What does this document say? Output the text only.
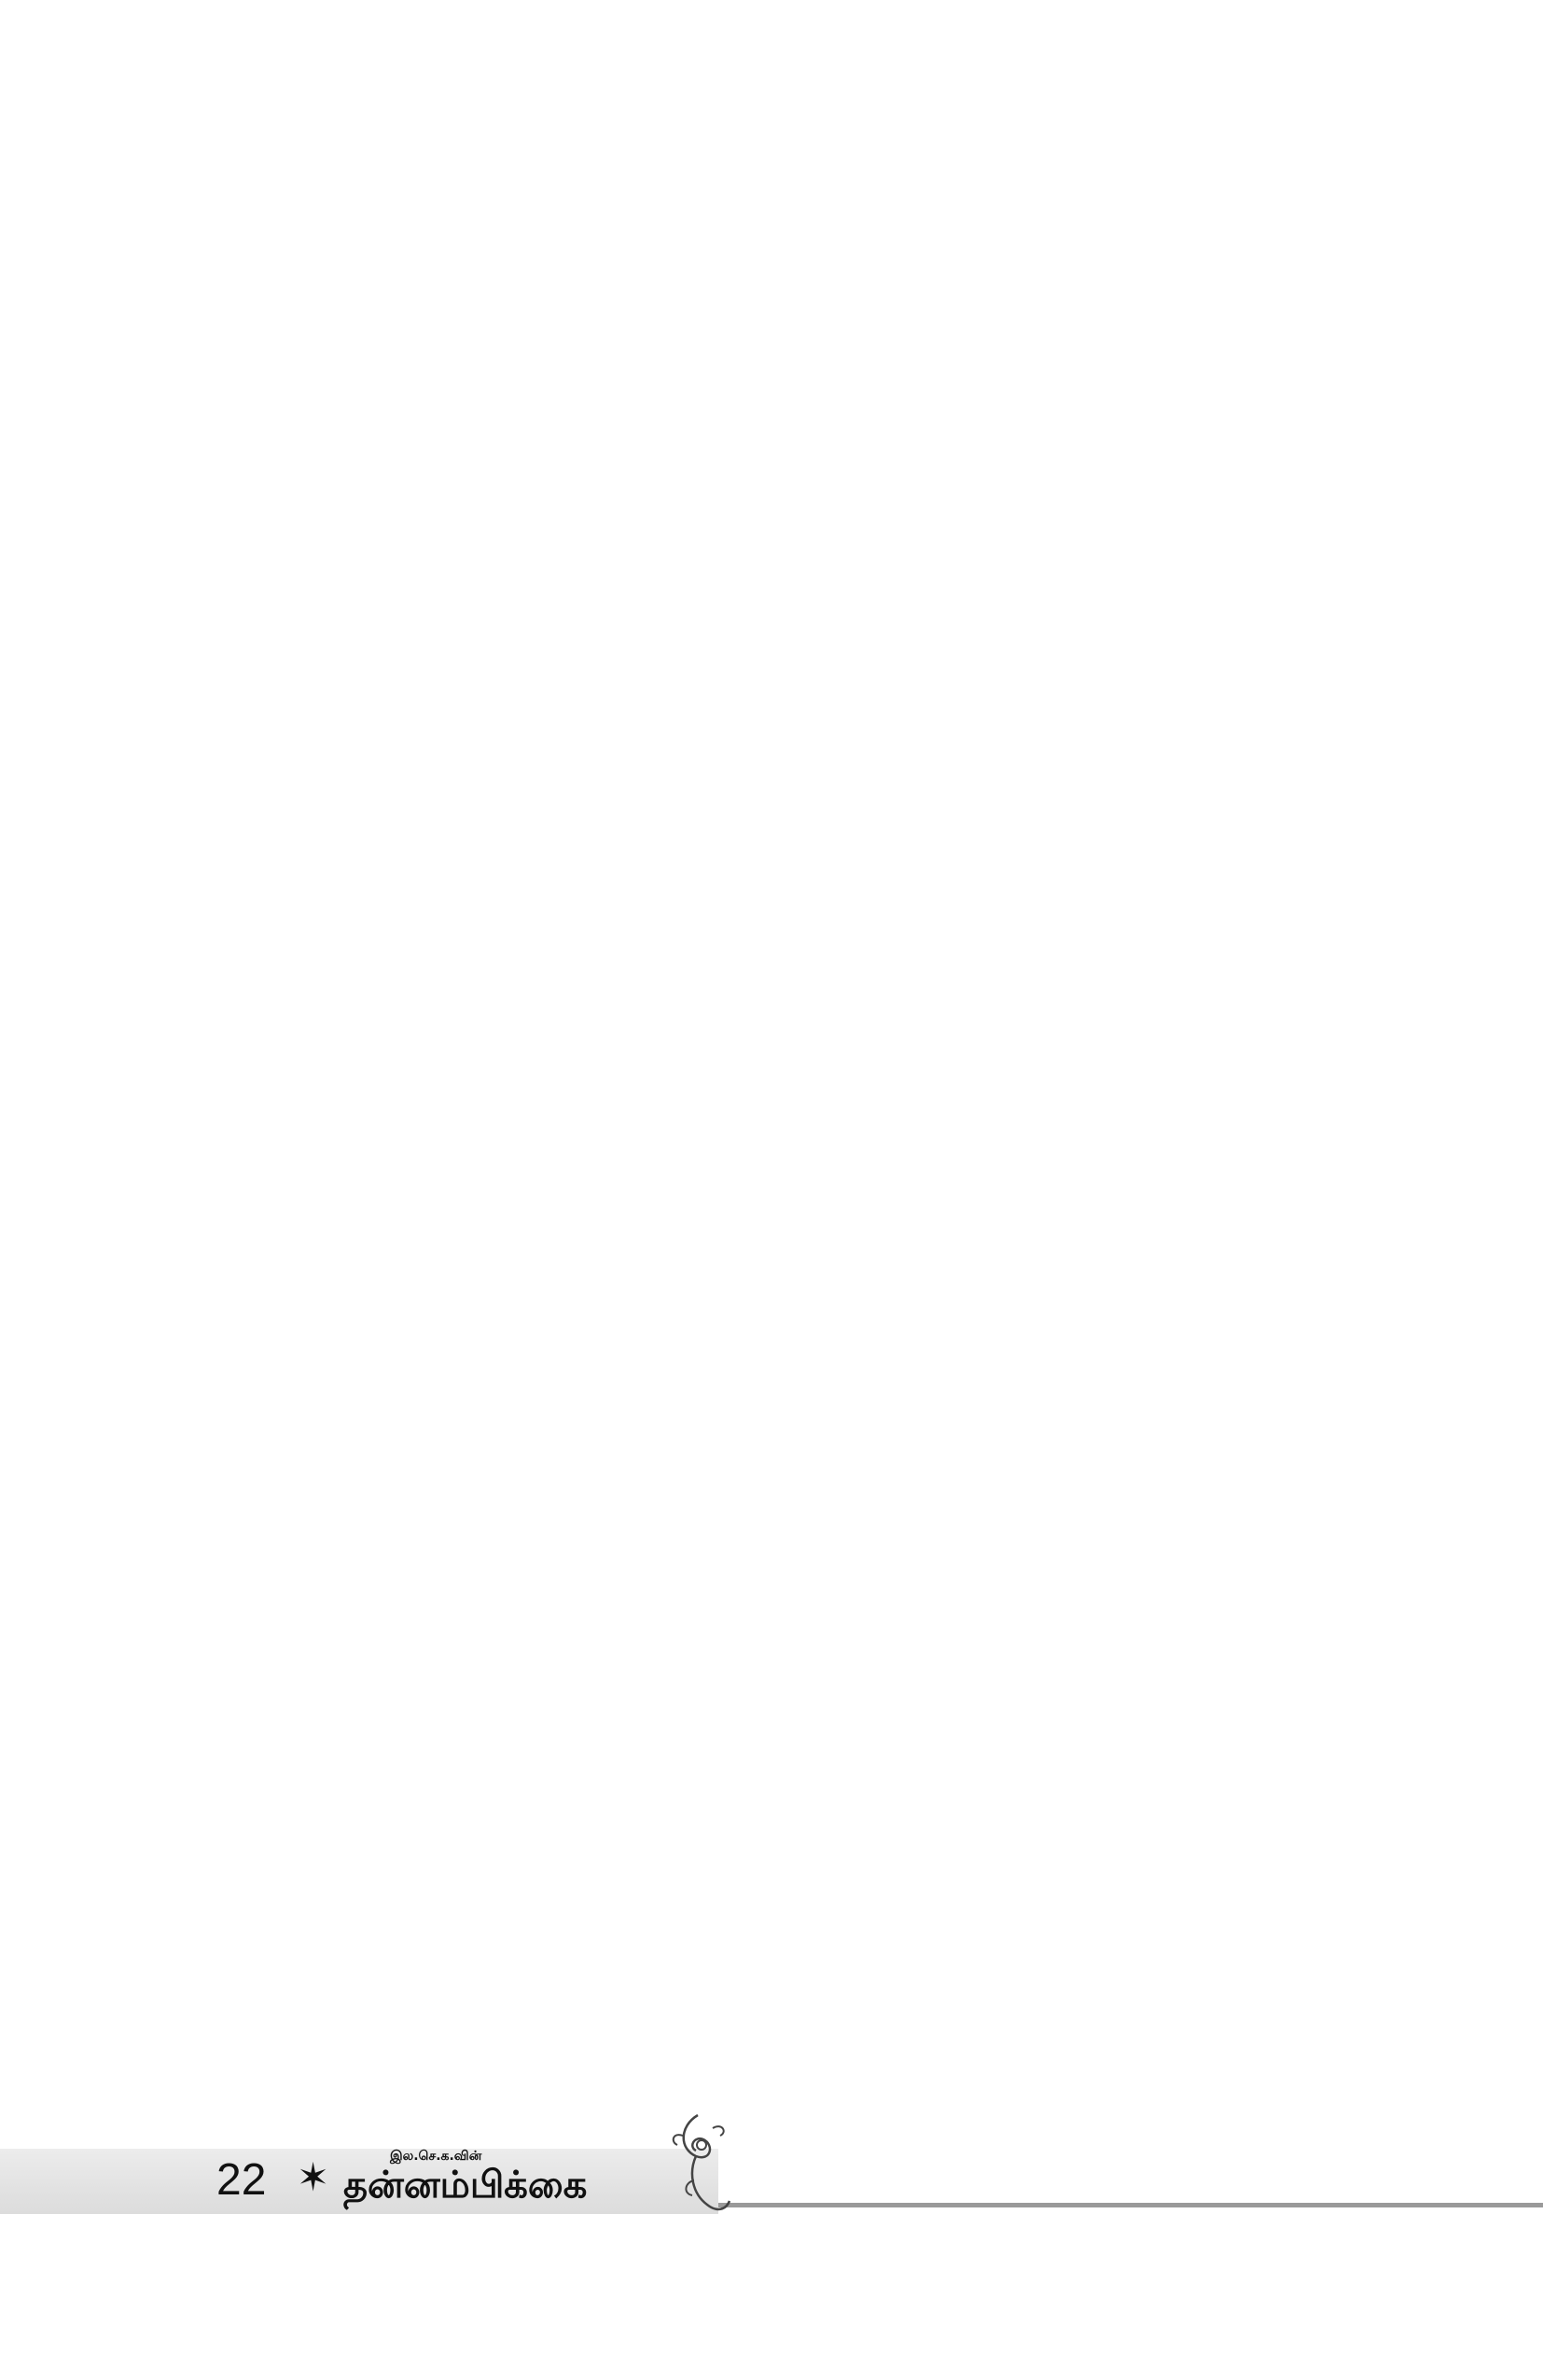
22 ✶	இல.செ.க.வின்
தன்னம்பிக்கை
